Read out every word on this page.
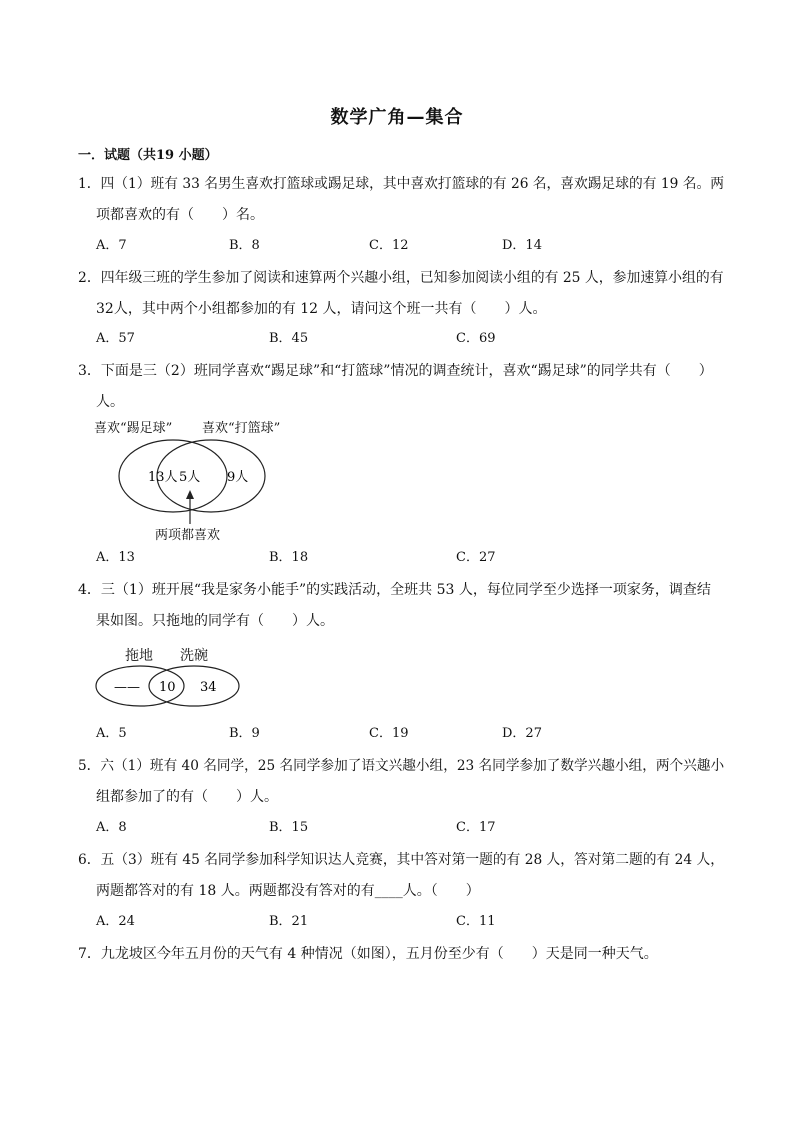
数学广角—集合
一．试题（共19 小题）
1．四（1）班有 33 名男生喜欢打篮球或踢足球，其中喜欢打篮球的有 26 名，喜欢踢足球的有 19 名。两
项都喜欢的有（　　）名。
A．7	B．8	C．12	D．14
2．四年级三班的学生参加了阅读和速算两个兴趣小组，已知参加阅读小组的有 25 人，参加速算小组的有
32人，其中两个小组都参加的有 12 人，请问这个班一共有（　　）人。
A．57	B．45	C．69
3．下面是三（2）班同学喜欢“踢足球”和“打篮球”情况的调查统计，喜欢“踢足球”的同学共有（　　）
人。
喜欢“踢足球” 喜欢“打篮球”
13人 5人 9人
两项都喜欢
A．13	B．18	C．27
4．三（1）班开展“我是家务小能手”的实践活动，全班共 53 人，每位同学至少选择一项家务，调查结
果如图。只拖地的同学有（　　）人。
拖地 洗碗
—— 10 34
A．5	B．9	C．19	D．27
5．六（1）班有 40 名同学，25 名同学参加了语文兴趣小组，23 名同学参加了数学兴趣小组，两个兴趣小
组都参加了的有（　　）人。
A．8	B．15	C．17
6．五（3）班有 45 名同学参加科学知识达人竞赛，其中答对第一题的有 28 人，答对第二题的有 24 人，
两题都答对的有 18 人。两题都没有答对的有____人。（　　）
A．24	B．21	C．11
7．九龙坡区今年五月份的天气有 4 种情况（如图），五月份至少有（　　）天是同一种天气。
